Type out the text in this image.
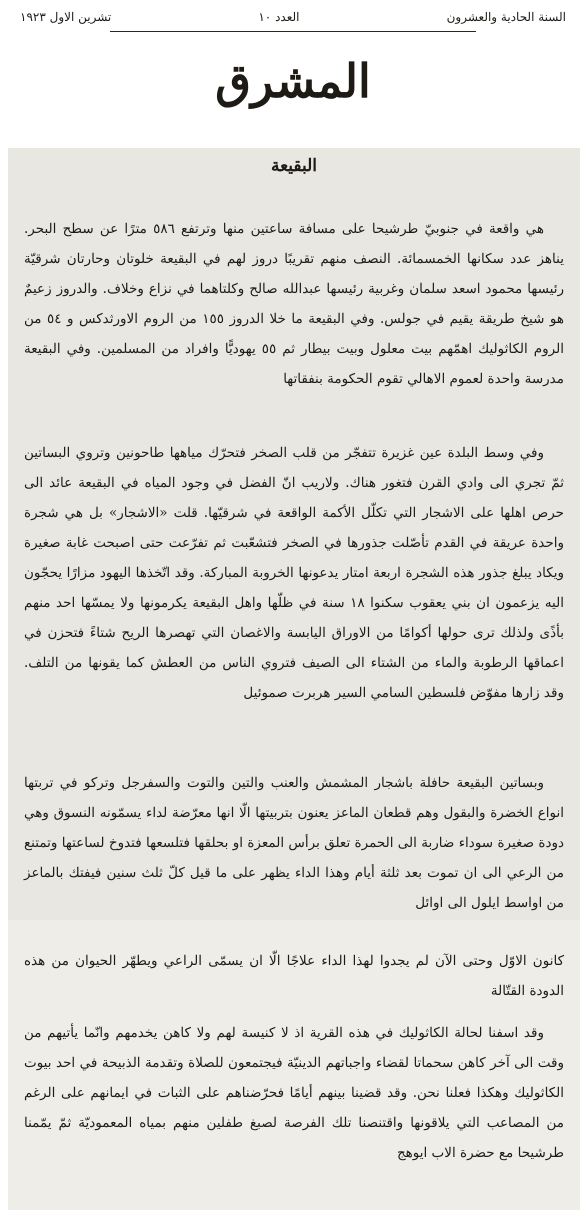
السنة الحادية والعشرون
العدد ١٠
تشرين الاول ١٩٢٣
المشرق
البقيعة

هي واقعة في جنوبيّ طرشيحا على مسافة ساعتين منها وترتفع ٥٨٦ مترًا عن سطح البحر. يناهز عدد سكانها الخمسمائة. النصف منهم تقريبًا دروز لهم في البقيعة خلوتان وحارتان شرقيّة رئيسها محمود اسعد سلمان وغربية رئيسها عبدالله صالح وكلتاهما في نزاع وخلاف. والدروز زعيمٌ هو شيخ طريقة يقيم في جولس. وفي البقيعة ما خلا الدروز ١٥٥ من الروم الاورثدكس و ٥٤ من الروم الكاثوليك اهمّهم بيت معلول وبيت بيطار ثم ٥٥ يهوديًّا وافراد من المسلمين. وفي البقيعة مدرسة واحدة لعموم الاهالي تقوم الحكومة بنفقاتها

وفي وسط البلدة عين غزيرة تتفجّر من قلب الصخر فتحرّك مياهها طاحونين وتروي البساتين ثمّ تجري الى وادي القرن فتغور هناك. ولاريب انّ الفضل في وجود المياه في البقيعة عائد الى حرص اهلها على الاشجار التي تكلّل الأكمة الواقعة في شرقيّها. قلت «الاشجار» بل هي شجرة واحدة عريقة في القدم تأصّلت جذورها في الصخر فتشعّبت ثم تفرّعت حتى اصبحت غابة صغيرة ويكاد يبلغ جذور هذه الشجرة اربعة امتار يدعونها الخروبة المباركة. وقد اتّخذها اليهود مزارًا يحجّون اليه يزعمون ان بني يعقوب سكنوا ١٨ سنة في ظلّها واهل البقيعة يكرمونها ولا يمسّها احد منهم بأذًى ولذلك ترى حولها أكوامًا من الاوراق اليابسة والاغصان التي تهصرها الريح شتاءً فتحزن في اعماقها الرطوبة والماء من الشتاء الى الصيف فتروي الناس من العطش كما يقونها من التلف. وقد زارها مفوّض فلسطين السامي السير هربرت صموئيل

وبساتين البقيعة حافلة باشجار المشمش والعنب والتين والتوت والسفرجل وتركو في تربتها انواع الخضرة والبقول وهم قطعان الماعز يعنون بتربيتها الّا انها معرّضة لداء يسمّونه النسوق وهي دودة صغيرة سوداء ضاربة الى الحمرة تعلق برأس المعزة او بحلقها فتلسعها فتدوخ لساعتها وتمتنع من الرعي الى ان تموت بعد ثلثة أيام وهذا الداء يظهر على ما قيل كلّ ثلث سنين فيفتك بالماعز من اواسط ايلول الى اوائل

كانون الاوّل وحتى الآن لم يجدوا لهذا الداء علاجًا الّا ان يسمّى الراعي ويطهّر الحيوان من هذه الدودة القتّالة

وقد اسفنا لحالة الكاثوليك في هذه القرية اذ لا كنيسة لهم ولا كاهن يخدمهم وانّما يأتيهم من وقت الى آخر كاهن سحماتا لقضاء واجباتهم الدينيّة فيجتمعون للصلاة وتقدمة الذبيحة في احد بيوت الكاثوليك وهكذا فعلنا نحن. وقد قضينا بينهم أيامًا فحرّضناهم على الثبات في ايمانهم على الرغم من المصاعب التي يلاقونها واقتنصنا تلك الفرصة لصبغ طفلين منهم بمياه المعموديّة ثمّ يمّمنا طرشيحا مع حضرة الاب ايوهج
